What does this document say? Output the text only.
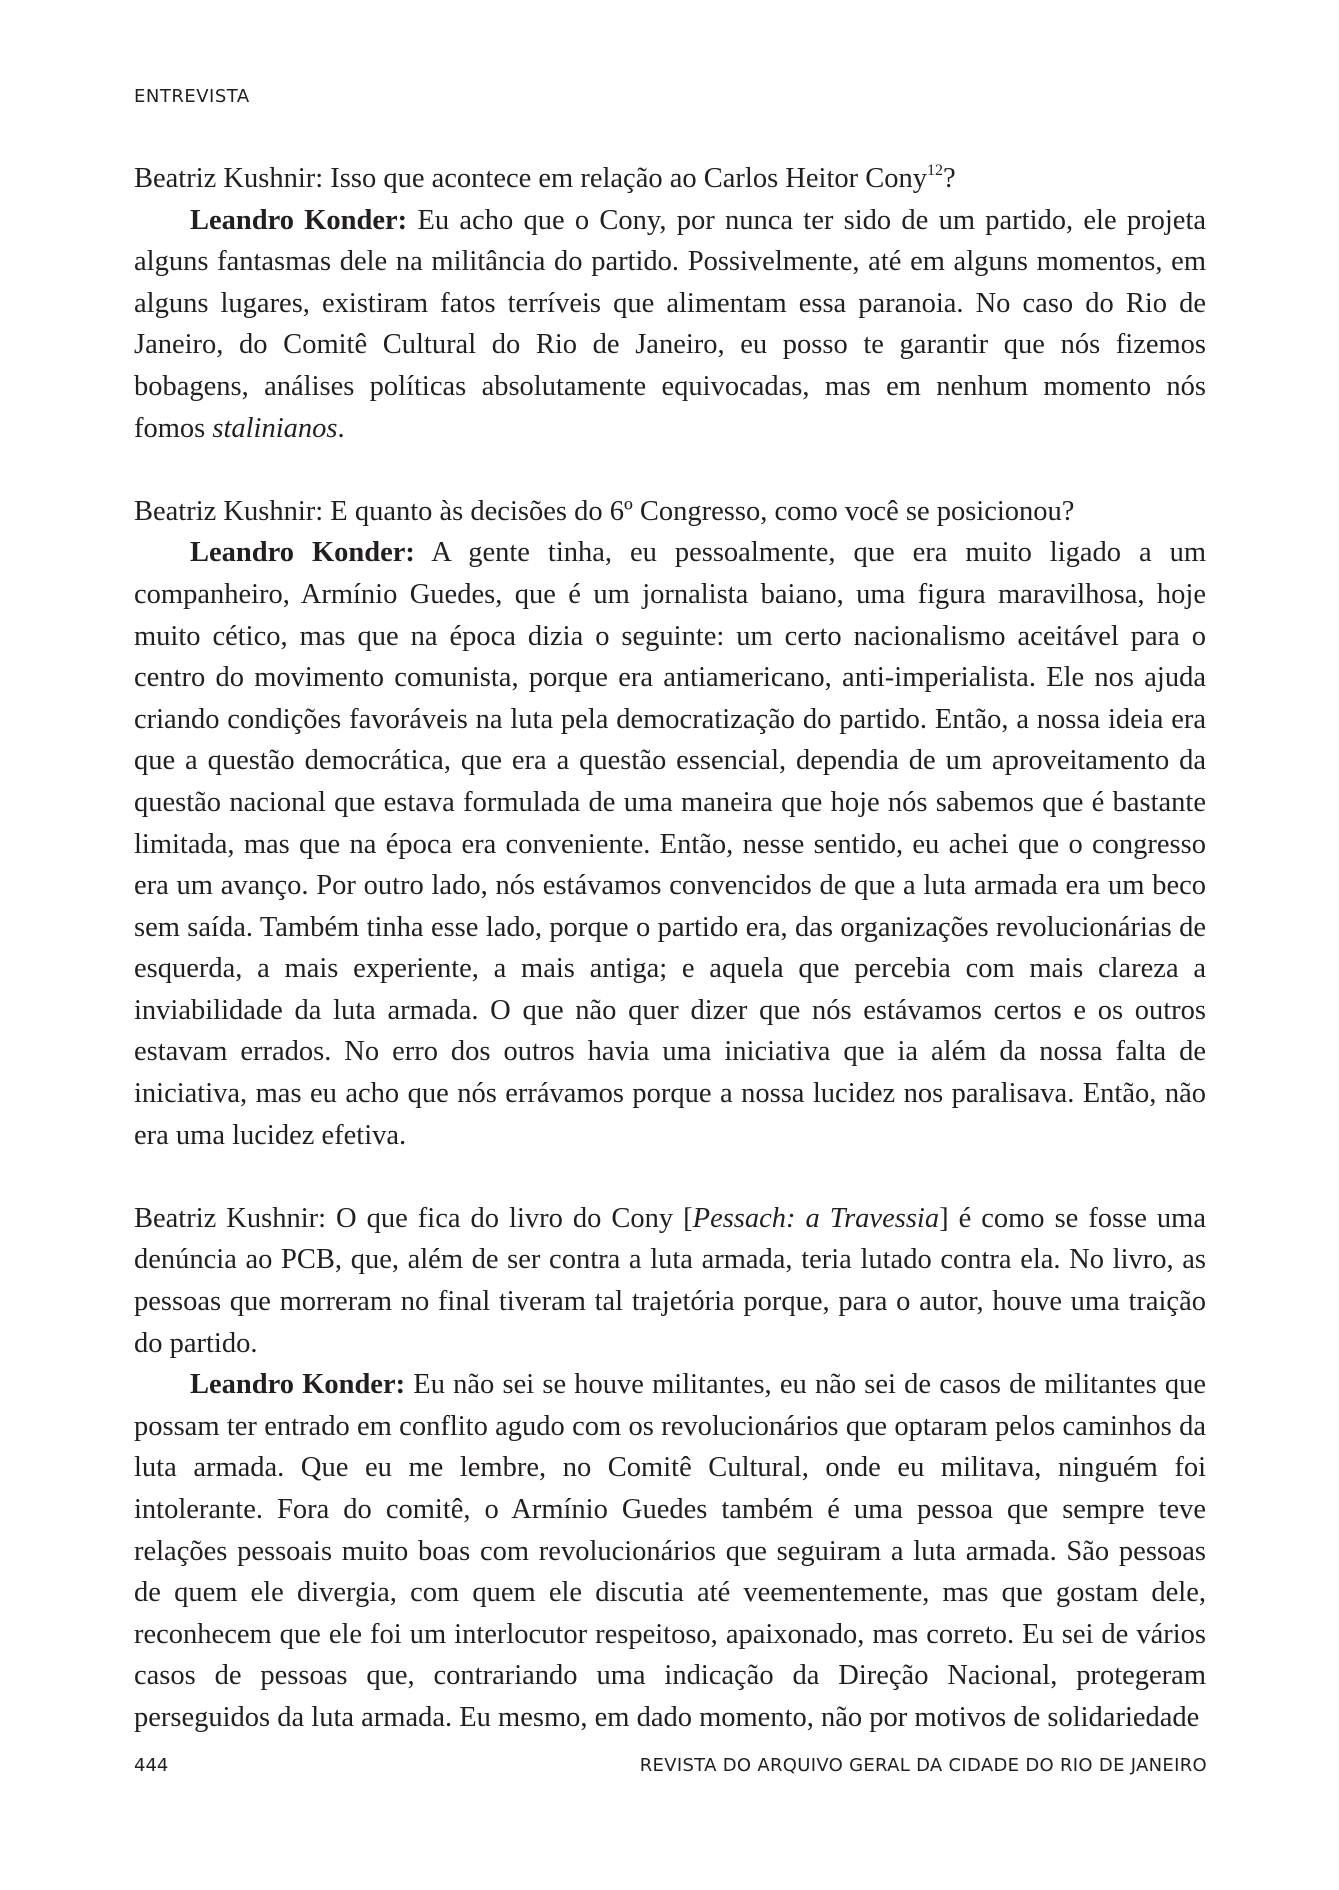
ENTREVISTA

Beatriz Kushnir: Isso que acontece em relação ao Carlos Heitor Cony$^{12}$?

Leandro Konder: Eu acho que o Cony, por nunca ter sido de um partido, ele projeta alguns fantasmas dele na militância do partido. Possivelmente, até em alguns momentos, em alguns lugares, existiram fatos terríveis que alimentam essa paranoia. No caso do Rio de Janeiro, do Comitê Cultural do Rio de Janeiro, eu posso te garantir que nós fizemos bobagens, análises políticas absolutamente equivocadas, mas em nenhum momento nós fomos stalinianos.

Beatriz Kushnir: E quanto às decisões do 6º Congresso, como você se posicionou?

Leandro Konder: A gente tinha, eu pessoalmente, que era muito ligado a um companheiro, Armínio Guedes, que é um jornalista baiano, uma figura maravilhosa, hoje muito cético, mas que na época dizia o seguinte: um certo nacionalismo aceitável para o centro do movimento comunista, porque era antiamericano, anti-imperialista. Ele nos ajuda criando condições favoráveis na luta pela democratização do partido. Então, a nossa ideia era que a questão democrática, que era a questão essencial, dependia de um aproveitamento da questão nacional que estava formulada de uma maneira que hoje nós sabemos que é bastante limitada, mas que na época era conveniente. Então, nesse sentido, eu achei que o congresso era um avanço. Por outro lado, nós estávamos convencidos de que a luta armada era um beco sem saída. Também tinha esse lado, porque o partido era, das organizações revolucionárias de esquerda, a mais experiente, a mais antiga; e aquela que percebia com mais clareza a inviabilidade da luta armada. O que não quer dizer que nós estávamos certos e os outros estavam errados. No erro dos outros havia uma iniciativa que ia além da nossa falta de iniciativa, mas eu acho que nós errávamos porque a nossa lucidez nos paralisava. Então, não era uma lucidez efetiva.

Beatriz Kushnir: O que fica do livro do Cony [Pessach: a Travessia] é como se fosse uma denúncia ao PCB, que, além de ser contra a luta armada, teria lutado contra ela. No livro, as pessoas que morreram no final tiveram tal trajetória porque, para o autor, houve uma traição do partido.

Leandro Konder: Eu não sei se houve militantes, eu não sei de casos de militantes que possam ter entrado em conflito agudo com os revolucionários que optaram pelos caminhos da luta armada. Que eu me lembre, no Comitê Cultural, onde eu militava, ninguém foi intolerante. Fora do comitê, o Armínio Guedes também é uma pessoa que sempre teve relações pessoais muito boas com revolucionários que seguiram a luta armada. São pessoas de quem ele divergia, com quem ele discutia até veementemente, mas que gostam dele, reconhecem que ele foi um interlocutor respeitoso, apaixonado, mas correto. Eu sei de vários casos de pessoas que, contrariando uma indicação da Direção Nacional, protegeram perseguidos da luta armada. Eu mesmo, em dado momento, não por motivos de solidariedade

444	REVISTA DO ARQUIVO GERAL DA CIDADE DO RIO DE JANEIRO
